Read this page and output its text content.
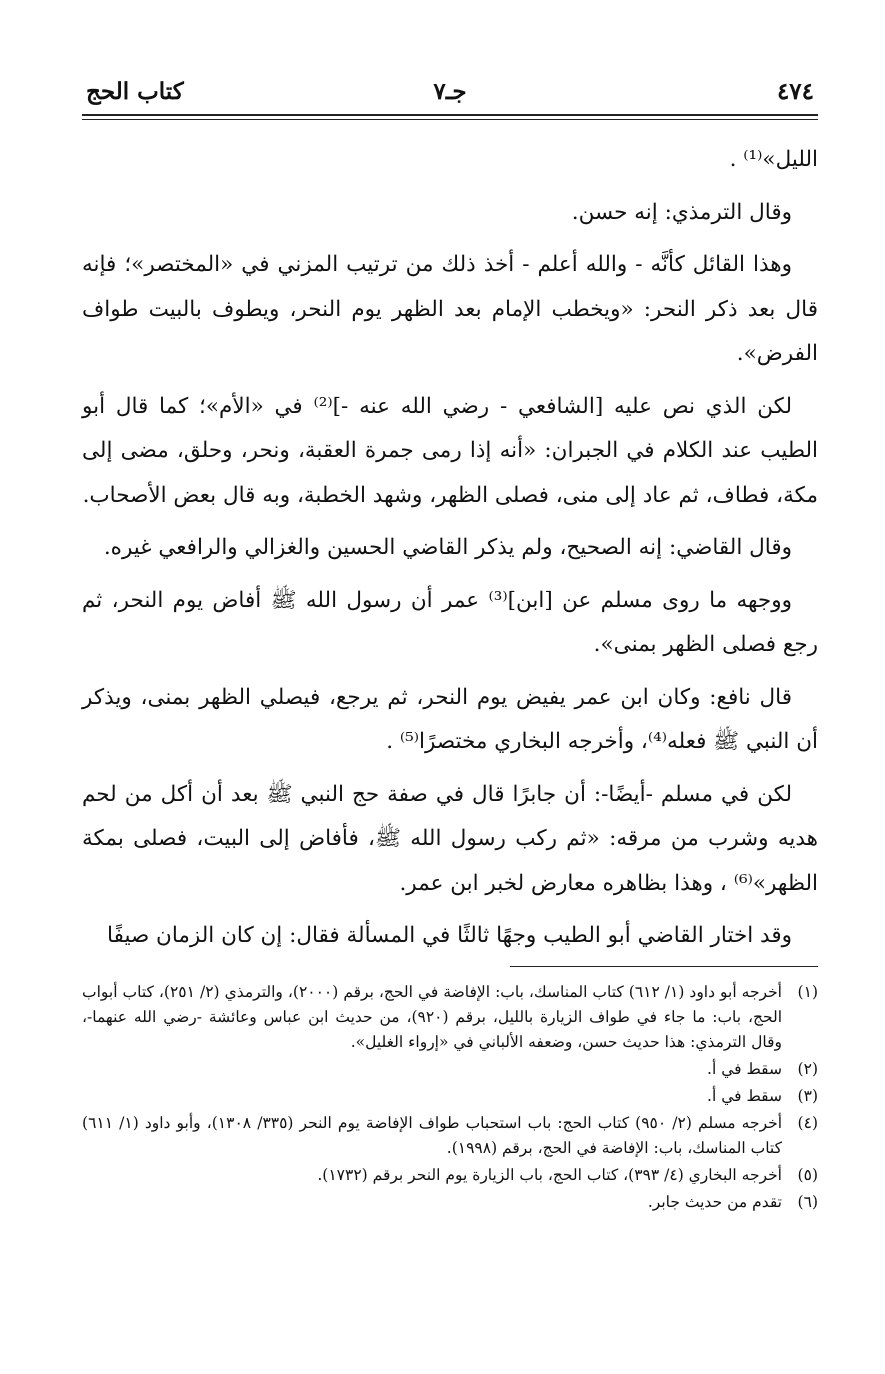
٤٧٤
جـ٧
كتاب الحج

الليل»⁽¹⁾ .

وقال الترمذي: إنه حسن.

وهذا القائل كأنَّه - والله أعلم - أخذ ذلك من ترتيب المزني في «المختصر»؛ فإنه قال بعد ذكر النحر: «ويخطب الإمام بعد الظهر يوم النحر، ويطوف بالبيت طواف الفرض».

لكن الذي نص عليه [الشافعي - رضي الله عنه -]⁽²⁾ في «الأم»؛ كما قال أبو الطيب عند الكلام في الجبران: «أنه إذا رمى جمرة العقبة، ونحر، وحلق، مضى إلى مكة، فطاف، ثم عاد إلى منى، فصلى الظهر، وشهد الخطبة، وبه قال بعض الأصحاب.

وقال القاضي: إنه الصحيح، ولم يذكر القاضي الحسين والغزالي والرافعي غيره.

ووجهه ما روى مسلم عن [ابن]⁽³⁾ عمر أن رسول الله ﷺ أفاض يوم النحر، ثم رجع فصلى الظهر بمنى».

قال نافع: وكان ابن عمر يفيض يوم النحر، ثم يرجع، فيصلي الظهر بمنى، ويذكر أن النبي ﷺ فعله⁽⁴⁾، وأخرجه البخاري مختصرًا⁽⁵⁾ .

لكن في مسلم -أيضًا-: أن جابرًا قال في صفة حج النبي ﷺ بعد أن أكل من لحم هديه وشرب من مرقه: «ثم ركب رسول الله ﷺ، فأفاض إلى البيت، فصلى بمكة الظهر»⁽⁶⁾ ، وهذا بظاهره معارض لخبر ابن عمر.

وقد اختار القاضي أبو الطيب وجهًا ثالثًا في المسألة فقال: إن كان الزمان صيفًا

(١)
أخرجه أبو داود (١/ ٦١٢) كتاب المناسك، باب: الإفاضة في الحج، برقم (٢٠٠٠)، والترمذي (٢/ ٢٥١)، كتاب أبواب الحج، باب: ما جاء في طواف الزيارة بالليل، برقم (٩٢٠)، من حديث ابن عباس وعائشة -رضي الله عنهما-، وقال الترمذي: هذا حديث حسن، وضعفه الألباني في «إرواء الغليل».
(٢)
سقط في أ.
(٣)
سقط في أ.
(٤)
أخرجه مسلم (٢/ ٩٥٠) كتاب الحج: باب استحباب طواف الإفاضة يوم النحر (٣٣٥/ ١٣٠٨)، وأبو داود (١/ ٦١١) كتاب المناسك، باب: الإفاضة في الحج، برقم (١٩٩٨).
(٥)
أخرجه البخاري (٤/ ٣٩٣)، كتاب الحج، باب الزيارة يوم النحر برقم (١٧٣٢).
(٦)
تقدم من حديث جابر.
